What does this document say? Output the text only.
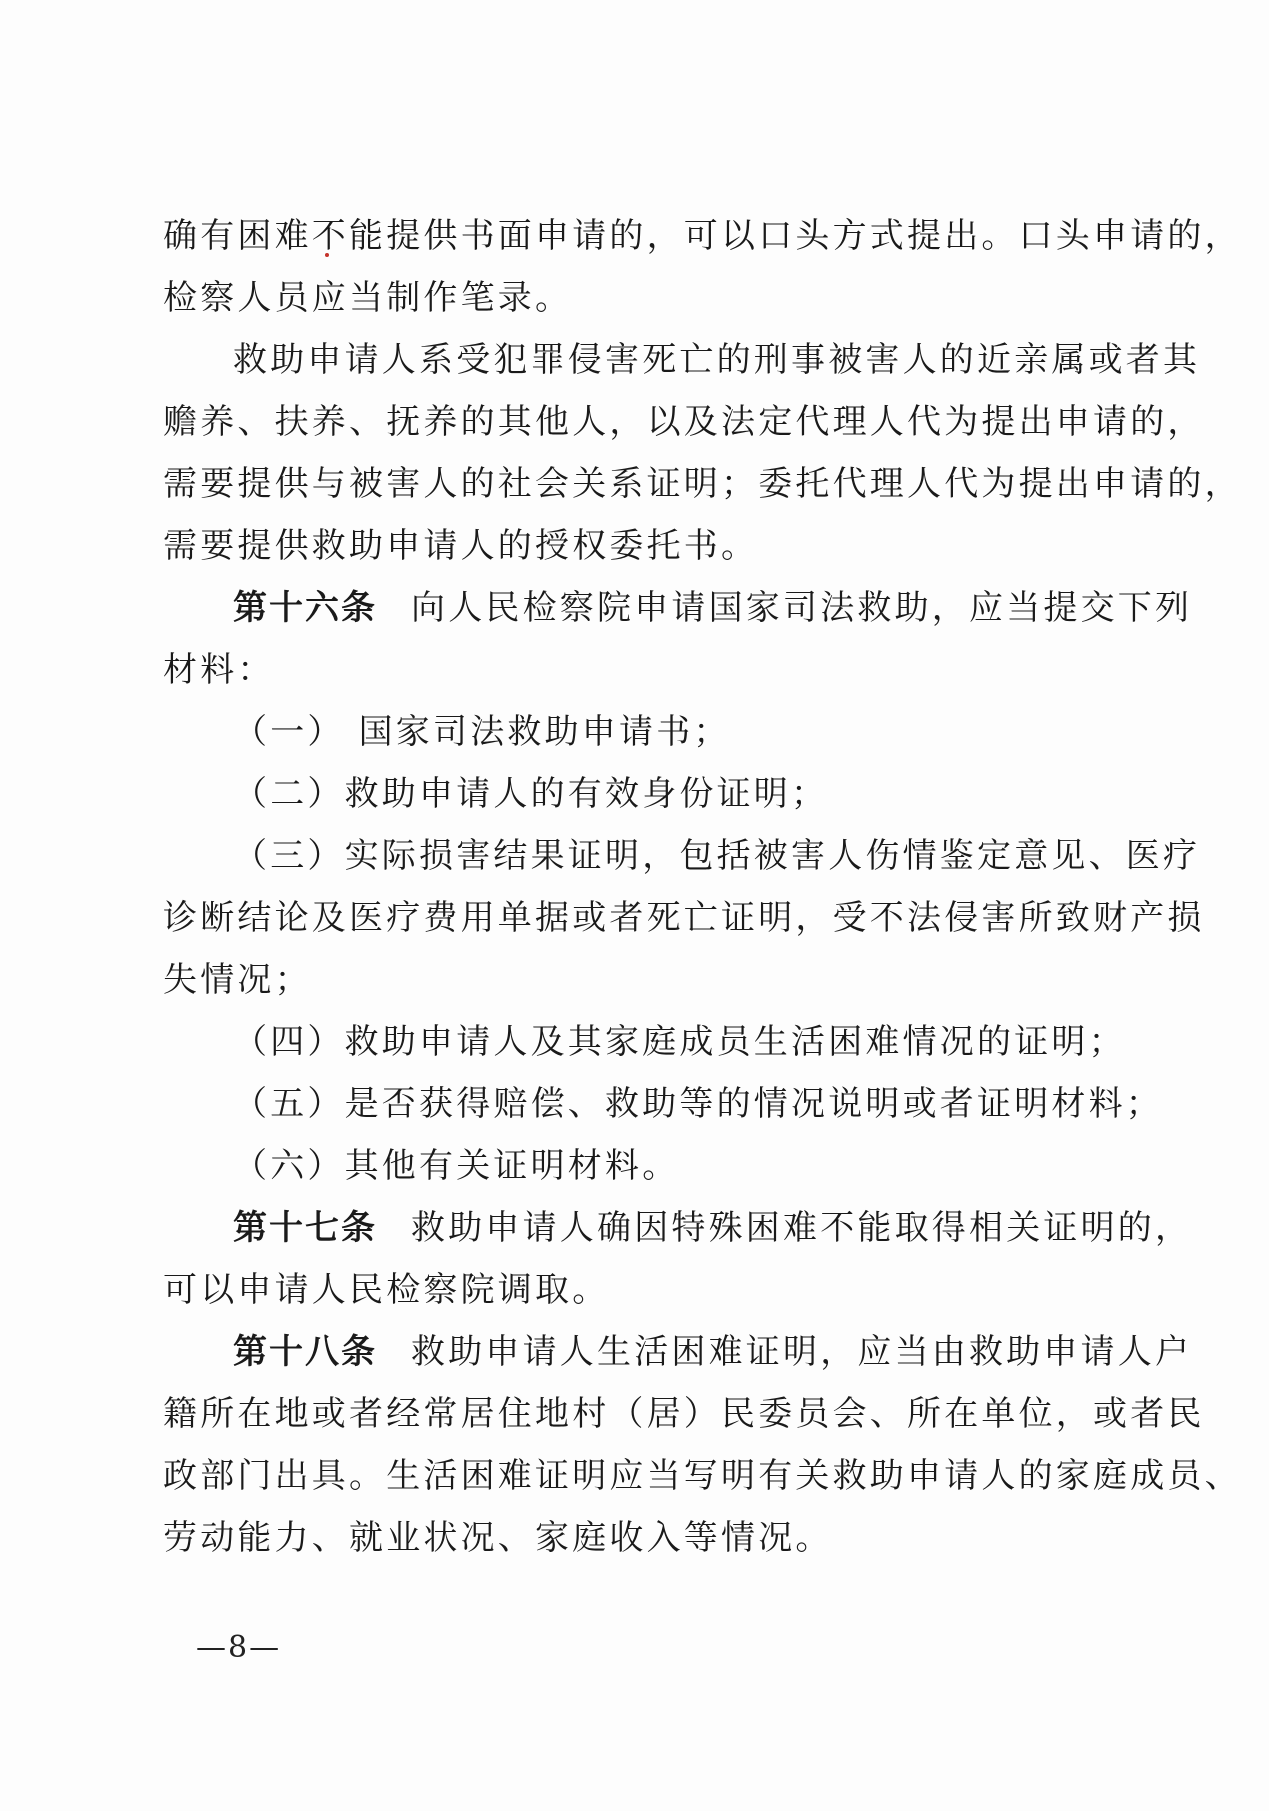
确有困难不能提供书面申请的，可以口头方式提出。口头申请的，
检察人员应当制作笔录。
救助申请人系受犯罪侵害死亡的刑事被害人的近亲属或者其
赡养、扶养、抚养的其他人，以及法定代理人代为提出申请的，
需要提供与被害人的社会关系证明；委托代理人代为提出申请的，
需要提供救助申请人的授权委托书。
第十六条 向人民检察院申请国家司法救助，应当提交下列
材料：
（一） 国家司法救助申请书；
（二）救助申请人的有效身份证明；
（三）实际损害结果证明，包括被害人伤情鉴定意见、医疗
诊断结论及医疗费用单据或者死亡证明，受不法侵害所致财产损
失情况；
（四）救助申请人及其家庭成员生活困难情况的证明；
（五）是否获得赔偿、救助等的情况说明或者证明材料；
（六）其他有关证明材料。
第十七条 救助申请人确因特殊困难不能取得相关证明的，
可以申请人民检察院调取。
第十八条 救助申请人生活困难证明，应当由救助申请人户
籍所在地或者经常居住地村（居）民委员会、所在单位，或者民
政部门出具。生活困难证明应当写明有关救助申请人的家庭成员、
劳动能力、就业状况、家庭收入等情况。
—8—
